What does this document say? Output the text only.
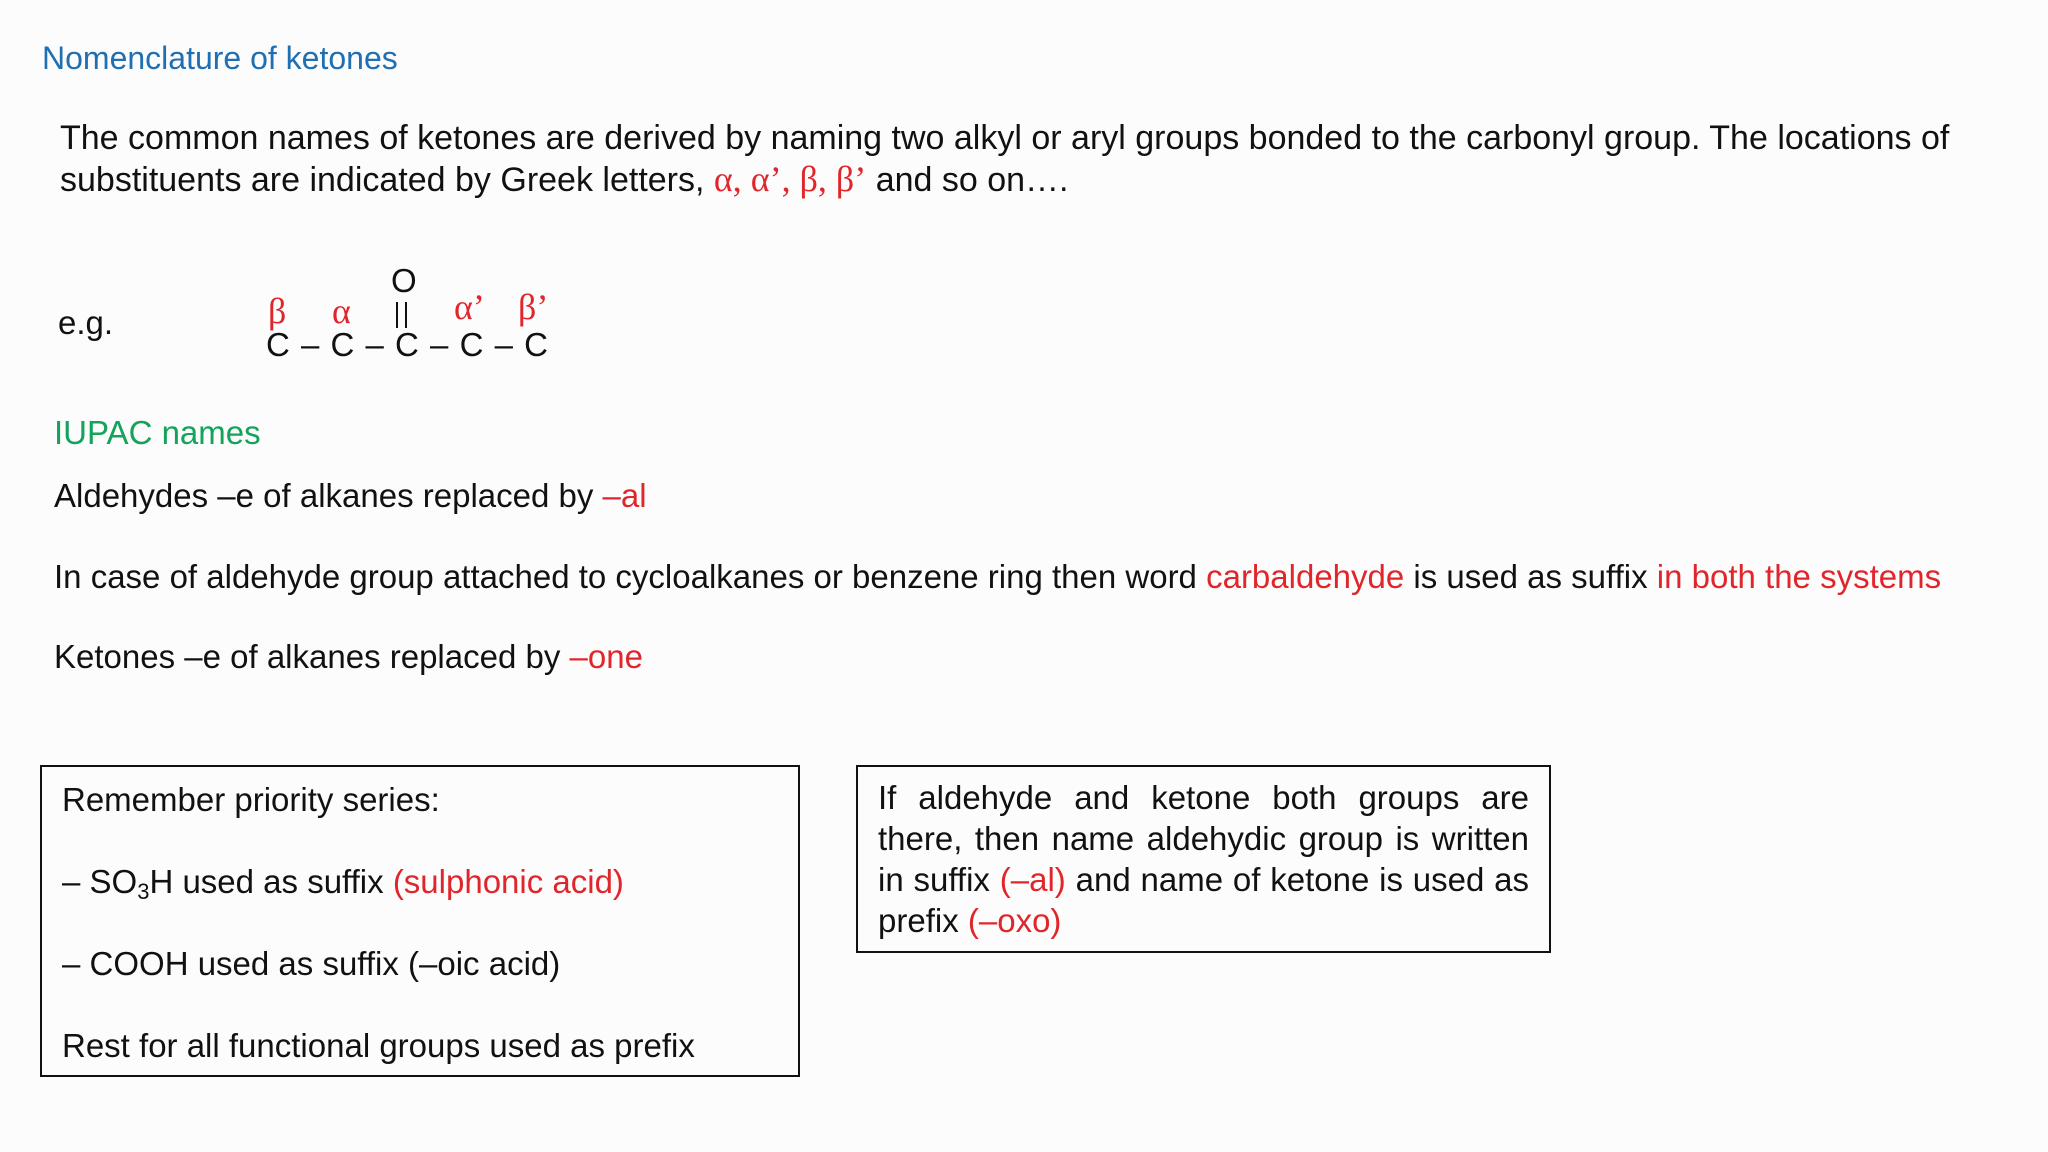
Nomenclature of ketones
The common names of ketones are derived by naming two alkyl or aryl groups bonded to the carbonyl group. The locations of substituents are indicated by Greek letters, α, α’, β, β’ and so on….
e.g.
O
β α	α’ β’
C – C – C – C – C
IUPAC names
Aldehydes –e of alkanes replaced by –al
In case of aldehyde group attached to cycloalkanes or benzene ring then word carbaldehyde is used as suffix in both the systems
Ketones –e of alkanes replaced by –one

Remember priority series:

– $SO_3H$ used as suffix (sulphonic acid)

– COOH used as suffix (–oic acid)

Rest for all functional groups used as prefix

If aldehyde and ketone both groups are there, then name aldehydic group is written in suffix (–al) and name of ketone is used as prefix (–oxo)
